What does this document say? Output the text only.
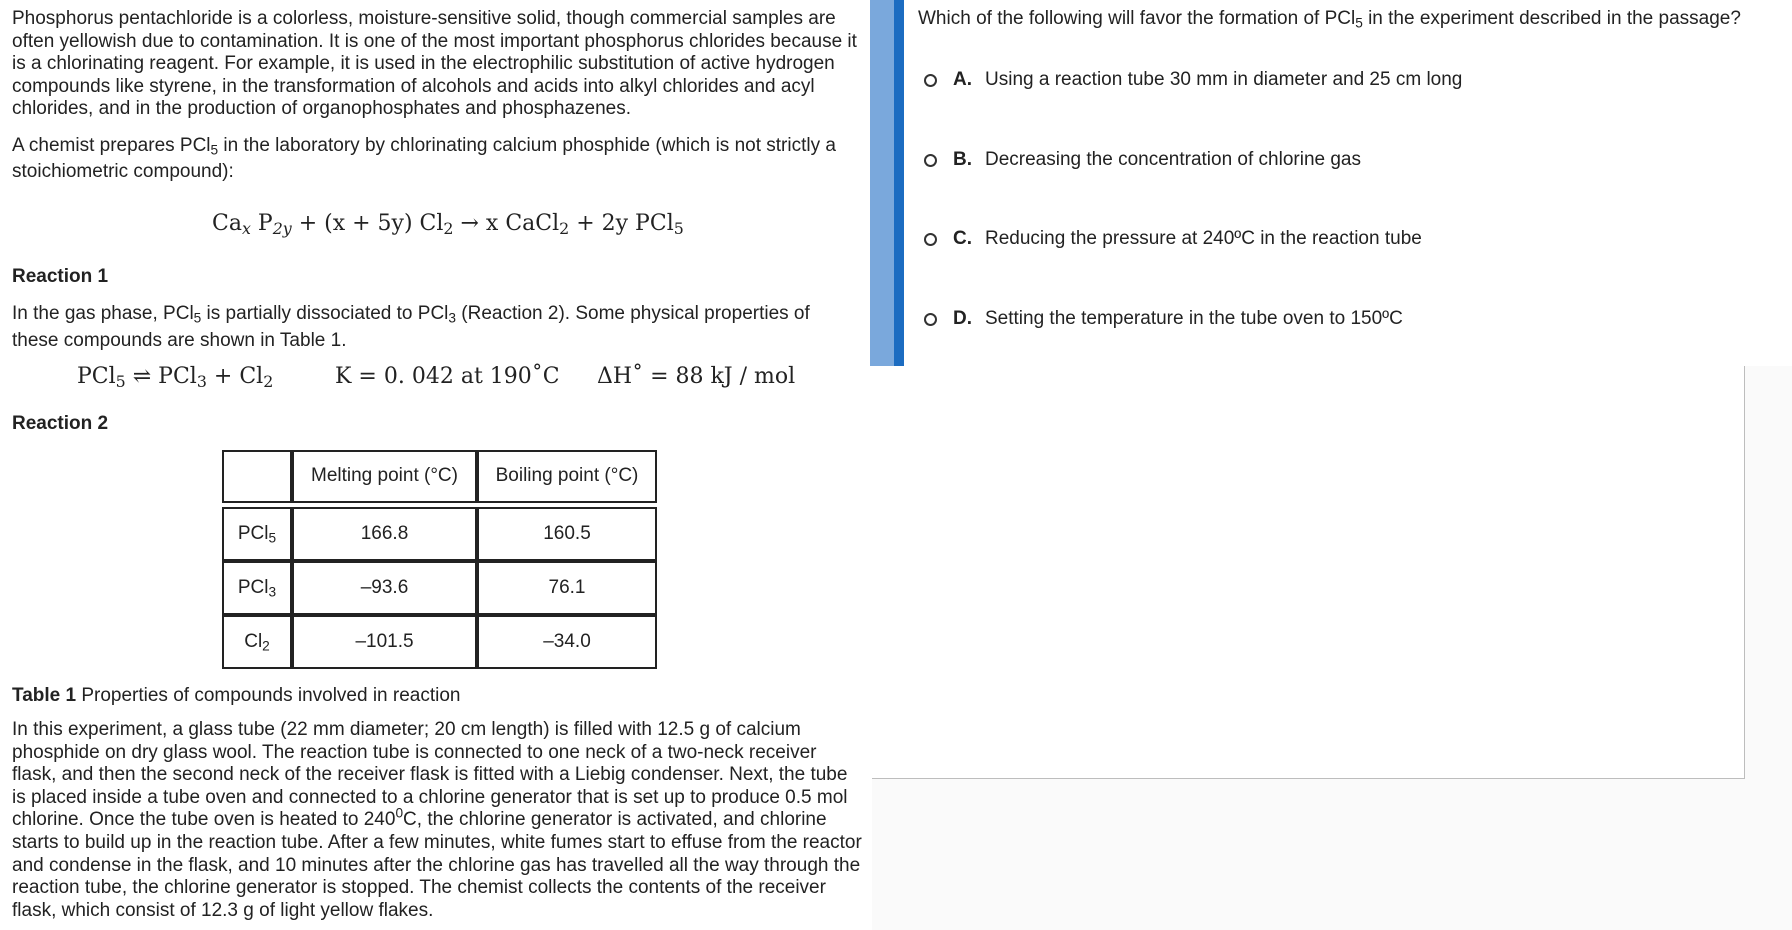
Phosphorus pentachloride is a colorless, moisture-sensitive solid, though commercial samples are often yellowish due to contamination. It is one of the most important phosphorus chlorides because it is a chlorinating reagent. For example, it is used in the electrophilic substitution of active hydrogen compounds like styrene, in the transformation of alcohols and acids into alkyl chlorides and acyl chlorides, and in the production of organophosphates and phosphazenes.

A chemist prepares PCl$_5$ in the laboratory by chlorinating calcium phosphide (which is not strictly a stoichiometric compound):

$Ca_x$ $P_{2y} + (x + 5y) Cl_2 \to x$ CaCl$_2$ + 2y PCl$_5$
Reaction 1

In the gas phase, PCl$_5$ is partially dissociated to PCl$_3$ (Reaction 2). Some physical properties of these compounds are shown in Table 1.

PCl$_5$ ⇌ $PCl_3 + Cl_2$	K = 0. 042 at 190˚C ΔH˚ = 88 kJ / mol
Reaction 2
	Melting point (°C)	Boiling point (°C)

PCl$_5$	166.8	160.5
PCl$_3$	–93.6	76.1
$Cl_2$	–101.5	–34.0
Table 1 Properties of compounds involved in reaction

In this experiment, a glass tube (22 mm diameter; 20 cm length) is filled with 12.5 g of calcium phosphide on dry glass wool. The reaction tube is connected to one neck of a two-neck receiver flask, and then the second neck of the receiver flask is fitted with a Liebig condenser. Next, the tube is placed inside a tube oven and connected to a chlorine generator that is set up to produce 0.5 mol chlorine. Once the tube oven is heated to $240^0C$, the chlorine generator is activated, and chlorine starts to build up in the reaction tube. After a few minutes, white fumes start to effuse from the reactor and condense in the flask, and 10 minutes after the chlorine gas has travelled all the way through the reaction tube, the chlorine generator is stopped. The chemist collects the contents of the receiver flask, which consist of 12.3 g of light yellow flakes.

Which of the following will favor the formation of PCl$_5$ in the experiment described in the passage?
A. Using a reaction tube 30 mm in diameter and 25 cm long
B. Decreasing the concentration of chlorine gas
C. Reducing the pressure at 240ºC in the reaction tube
D. Setting the temperature in the tube oven to 150ºC
